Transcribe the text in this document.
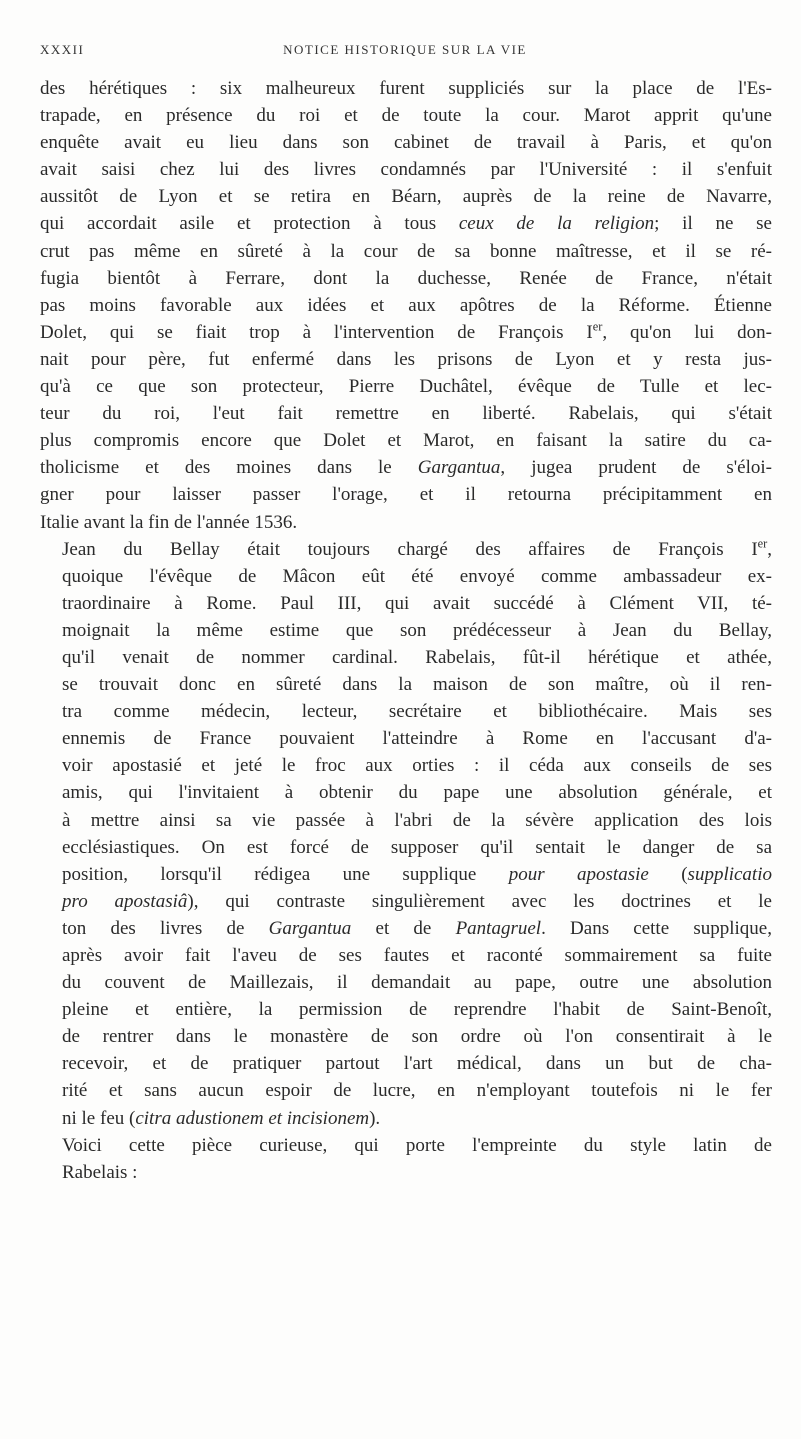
XXXII	NOTICE HISTORIQUE SUR LA VIE

des hérétiques : six malheureux furent suppliciés sur la place de l'Es-
trapade, en présence du roi et de toute la cour. Marot apprit qu'une
enquête avait eu lieu dans son cabinet de travail à Paris, et qu'on
avait saisi chez lui des livres condamnés par l'Université : il s'enfuit
aussitôt de Lyon et se retira en Béarn, auprès de la reine de Navarre,
qui accordait asile et protection à tous ceux de la religion; il ne se
crut pas même en sûreté à la cour de sa bonne maîtresse, et il se ré-
fugia bientôt à Ferrare, dont la duchesse, Renée de France, n'était
pas moins favorable aux idées et aux apôtres de la Réforme. Étienne
Dolet, qui se fiait trop à l'intervention de François Ier, qu'on lui don-
nait pour père, fut enfermé dans les prisons de Lyon et y resta jus-
qu'à ce que son protecteur, Pierre Duchâtel, évêque de Tulle et lec-
teur du roi, l'eut fait remettre en liberté. Rabelais, qui s'était
plus compromis encore que Dolet et Marot, en faisant la satire du ca-
tholicisme et des moines dans le Gargantua, jugea prudent de s'éloi-
gner pour laisser passer l'orage, et il retourna précipitamment en
Italie avant la fin de l'année 1536.

Jean du Bellay était toujours chargé des affaires de François Ier,
quoique l'évêque de Mâcon eût été envoyé comme ambassadeur ex-
traordinaire à Rome. Paul III, qui avait succédé à Clément VII, té-
moignait la même estime que son prédécesseur à Jean du Bellay,
qu'il venait de nommer cardinal. Rabelais, fût-il hérétique et athée,
se trouvait donc en sûreté dans la maison de son maître, où il ren-
tra comme médecin, lecteur, secrétaire et bibliothécaire. Mais ses
ennemis de France pouvaient l'atteindre à Rome en l'accusant d'a-
voir apostasié et jeté le froc aux orties : il céda aux conseils de ses
amis, qui l'invitaient à obtenir du pape une absolution générale, et
à mettre ainsi sa vie passée à l'abri de la sévère application des lois
ecclésiastiques. On est forcé de supposer qu'il sentait le danger de sa
position, lorsqu'il rédigea une supplique pour apostasie (supplicatio
pro apostasiâ), qui contraste singulièrement avec les doctrines et le
ton des livres de Gargantua et de Pantagruel. Dans cette supplique,
après avoir fait l'aveu de ses fautes et raconté sommairement sa fuite
du couvent de Maillezais, il demandait au pape, outre une absolution
pleine et entière, la permission de reprendre l'habit de Saint-Benoît,
de rentrer dans le monastère de son ordre où l'on consentirait à le
recevoir, et de pratiquer partout l'art médical, dans un but de cha-
rité et sans aucun espoir de lucre, en n'employant toutefois ni le fer
ni le feu (citra adustionem et incisionem).

Voici cette pièce curieuse, qui porte l'empreinte du style latin de
Rabelais :
